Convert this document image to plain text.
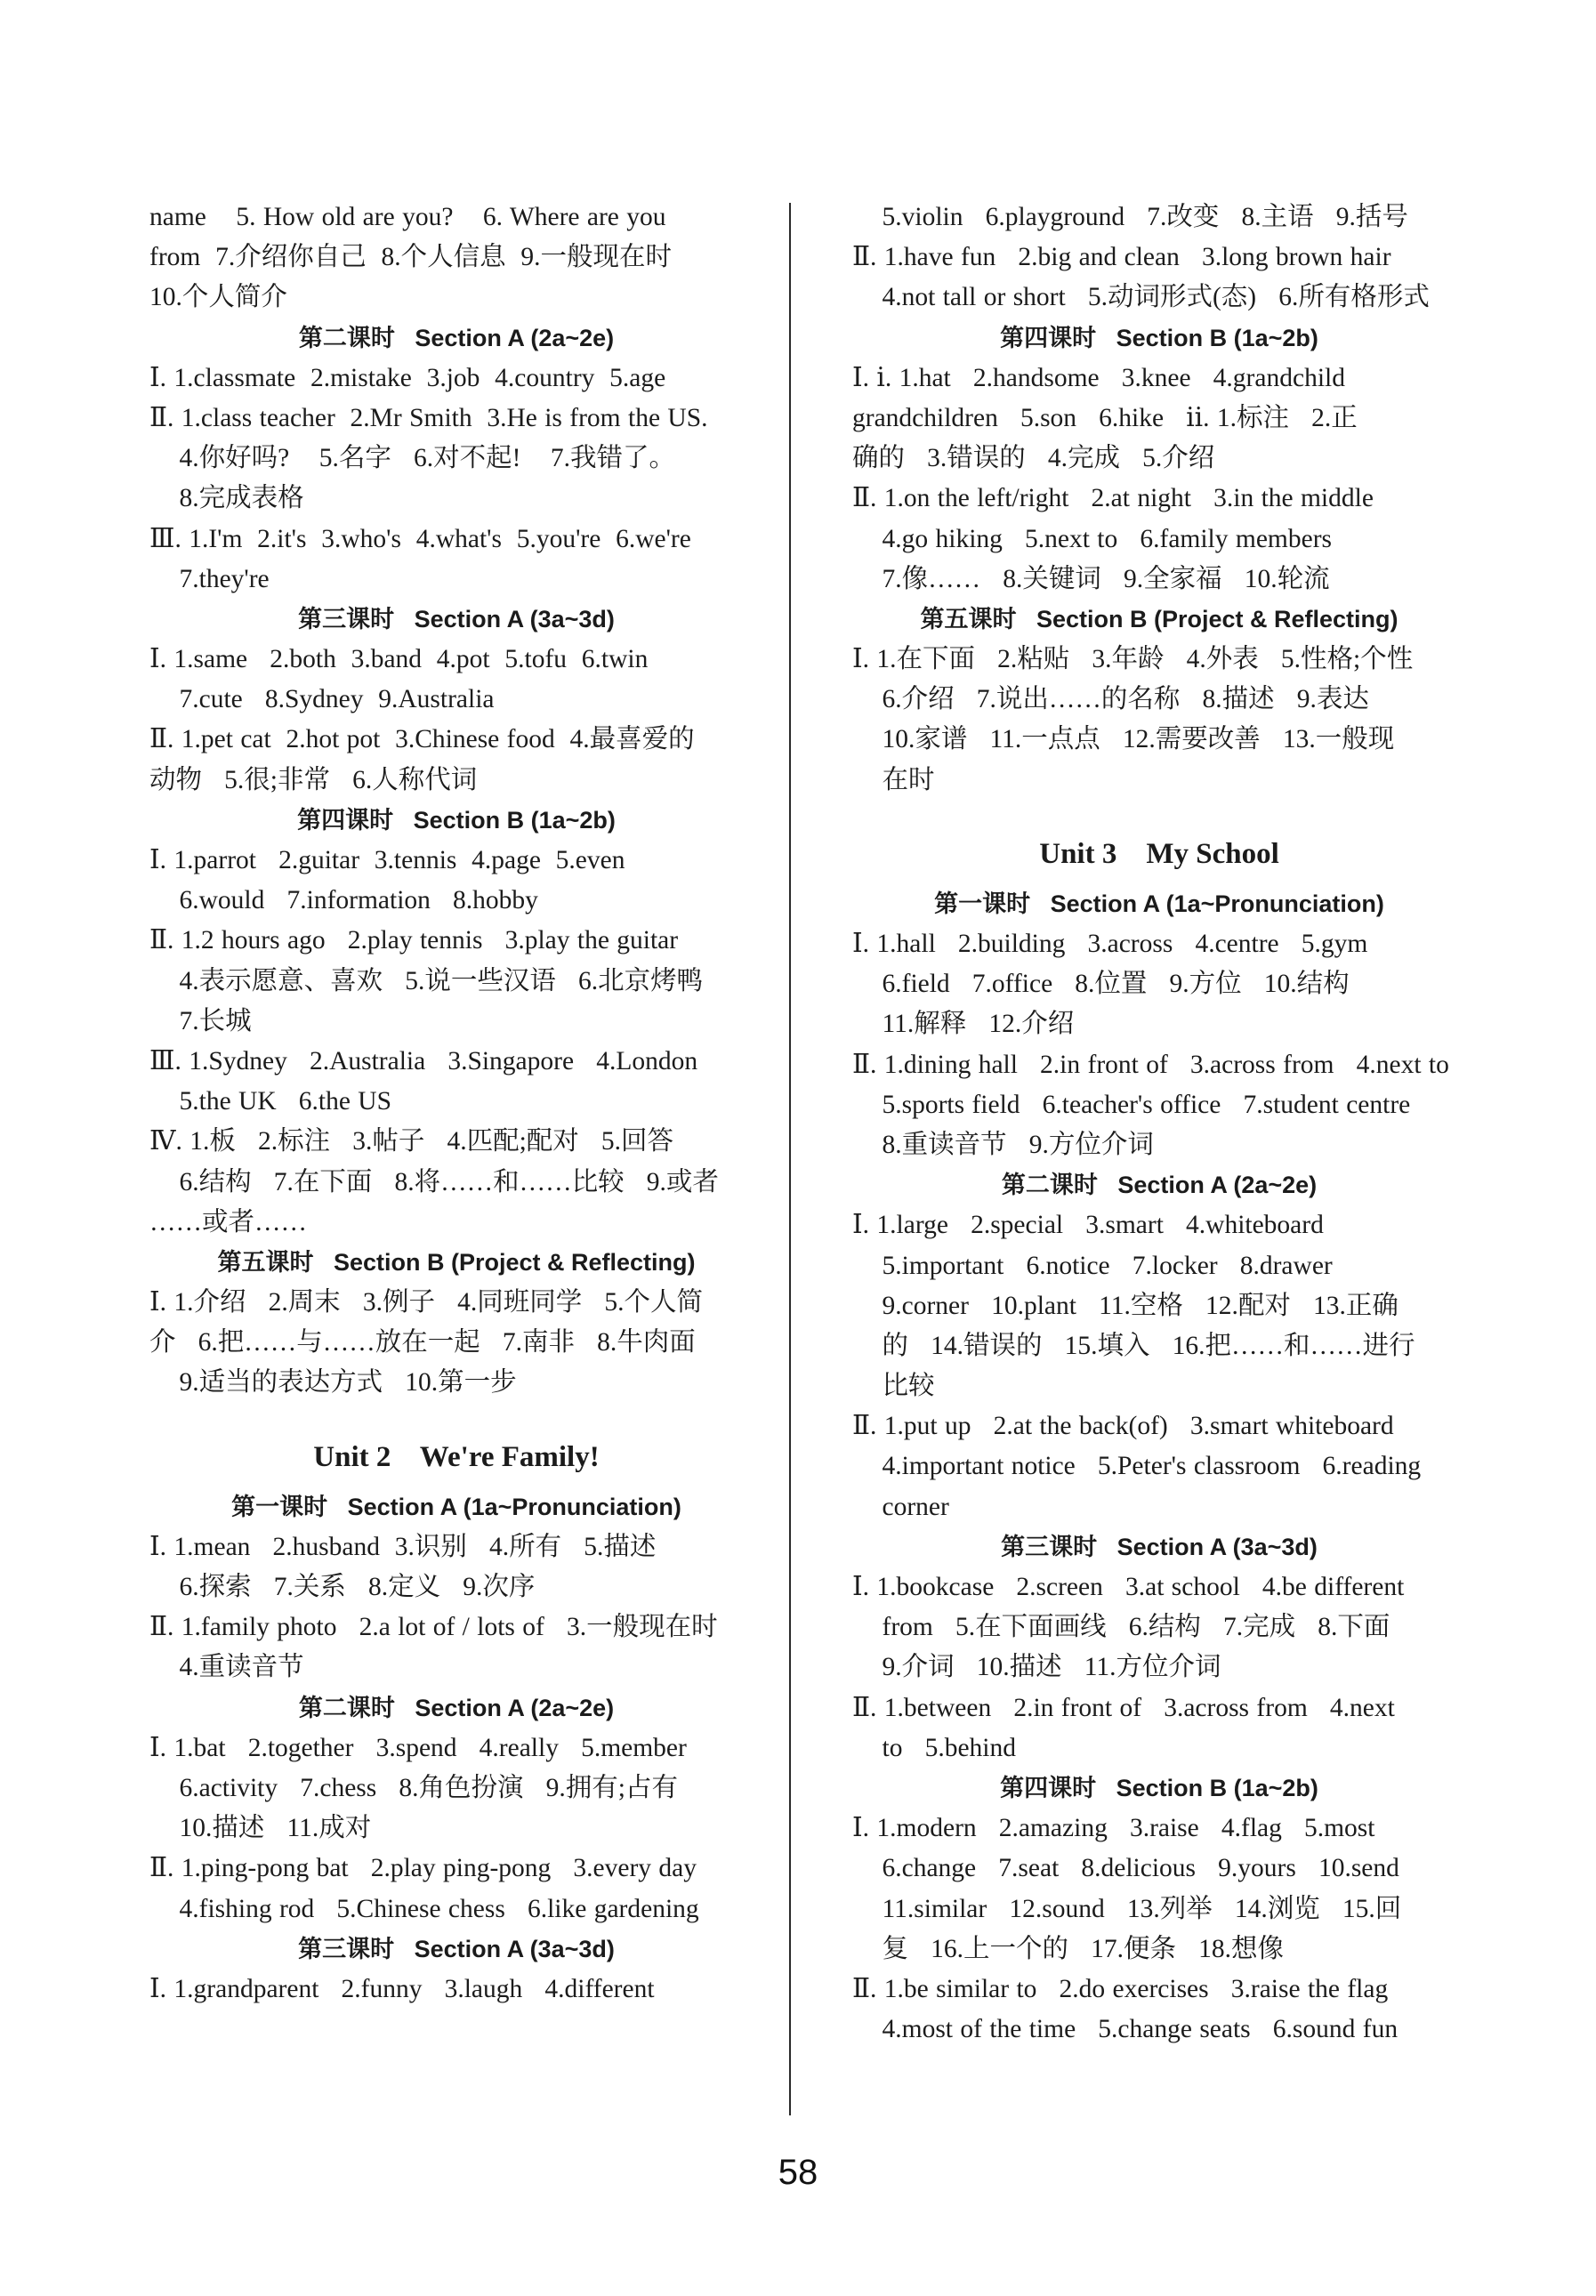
name    5. How old are you?    6. Where are you
from  7.介绍你自己  8.个人信息  9.一般现在时
10.个人简介
第二课时   Section A (2a~2e)
Ⅰ. 1.classmate  2.mistake  3.job  4.country  5.age
Ⅱ. 1.class teacher  2.Mr Smith  3.He is from the US.
4.你好吗?    5.名字   6.对不起!    7.我错了。
8.完成表格
Ⅲ. 1.I'm  2.it's  3.who's  4.what's  5.you're  6.we're
7.they're
第三课时   Section A (3a~3d)
Ⅰ. 1.same   2.both  3.band  4.pot  5.tofu  6.twin
7.cute   8.Sydney  9.Australia
Ⅱ. 1.pet cat  2.hot pot  3.Chinese food  4.最喜爱的
动物   5.很;非常   6.人称代词
第四课时   Section B (1a~2b)
Ⅰ. 1.parrot   2.guitar  3.tennis  4.page  5.even
6.would   7.information   8.hobby
Ⅱ. 1.2 hours ago   2.play tennis   3.play the guitar
4.表示愿意、喜欢   5.说一些汉语   6.北京烤鸭
7.长城
Ⅲ. 1.Sydney   2.Australia   3.Singapore   4.London
5.the UK   6.the US
Ⅳ. 1.板   2.标注   3.帖子   4.匹配;配对   5.回答
6.结构   7.在下面   8.将……和……比较   9.或者
……或者……
第五课时   Section B (Project & Reflecting)
Ⅰ. 1.介绍   2.周末   3.例子   4.同班同学   5.个人简
介   6.把……与……放在一起   7.南非   8.牛肉面
9.适当的表达方式   10.第一步
Unit 2    We're Family!
第一课时   Section A (1a~Pronunciation)
Ⅰ. 1.mean   2.husband  3.识别   4.所有   5.描述
6.探索   7.关系   8.定义   9.次序
Ⅱ. 1.family photo   2.a lot of / lots of   3.一般现在时
4.重读音节
第二课时   Section A (2a~2e)
Ⅰ. 1.bat   2.together   3.spend   4.really   5.member
6.activity   7.chess   8.角色扮演   9.拥有;占有
10.描述   11.成对
Ⅱ. 1.ping-pong bat   2.play ping-pong   3.every day
4.fishing rod   5.Chinese chess   6.like gardening
第三课时   Section A (3a~3d)
Ⅰ. 1.grandparent   2.funny   3.laugh   4.different
5.violin   6.playground   7.改变   8.主语   9.括号
Ⅱ. 1.have fun   2.big and clean   3.long brown hair
4.not tall or short   5.动词形式(态)   6.所有格形式
第四课时   Section B (1a~2b)
Ⅰ. ⅰ. 1.hat   2.handsome   3.knee   4.grandchild
grandchildren   5.son   6.hike   ⅱ. 1.标注   2.正
确的   3.错误的   4.完成   5.介绍
Ⅱ. 1.on the left/right   2.at night   3.in the middle
4.go hiking   5.next to   6.family members
7.像……   8.关键词   9.全家福   10.轮流
第五课时   Section B (Project & Reflecting)
Ⅰ. 1.在下面   2.粘贴   3.年龄   4.外表   5.性格;个性
6.介绍   7.说出……的名称   8.描述   9.表达
10.家谱   11.一点点   12.需要改善   13.一般现
在时
Unit 3    My School
第一课时   Section A (1a~Pronunciation)
Ⅰ. 1.hall   2.building   3.across   4.centre   5.gym
6.field   7.office   8.位置   9.方位   10.结构
11.解释   12.介绍
Ⅱ. 1.dining hall   2.in front of   3.across from   4.next to
5.sports field   6.teacher's office   7.student centre
8.重读音节   9.方位介词
第二课时   Section A (2a~2e)
Ⅰ. 1.large   2.special   3.smart   4.whiteboard
5.important   6.notice   7.locker   8.drawer
9.corner   10.plant   11.空格   12.配对   13.正确
的   14.错误的   15.填入   16.把……和……进行
比较
Ⅱ. 1.put up   2.at the back(of)   3.smart whiteboard
4.important notice   5.Peter's classroom   6.reading
corner
第三课时   Section A (3a~3d)
Ⅰ. 1.bookcase   2.screen   3.at school   4.be different
from   5.在下面画线   6.结构   7.完成   8.下面
9.介词   10.描述   11.方位介词
Ⅱ. 1.between   2.in front of   3.across from   4.next
to   5.behind
第四课时   Section B (1a~2b)
Ⅰ. 1.modern   2.amazing   3.raise   4.flag   5.most
6.change   7.seat   8.delicious   9.yours   10.send
11.similar   12.sound   13.列举   14.浏览   15.回
复   16.上一个的   17.便条   18.想像
Ⅱ. 1.be similar to   2.do exercises   3.raise the flag
4.most of the time   5.change seats   6.sound fun
58
